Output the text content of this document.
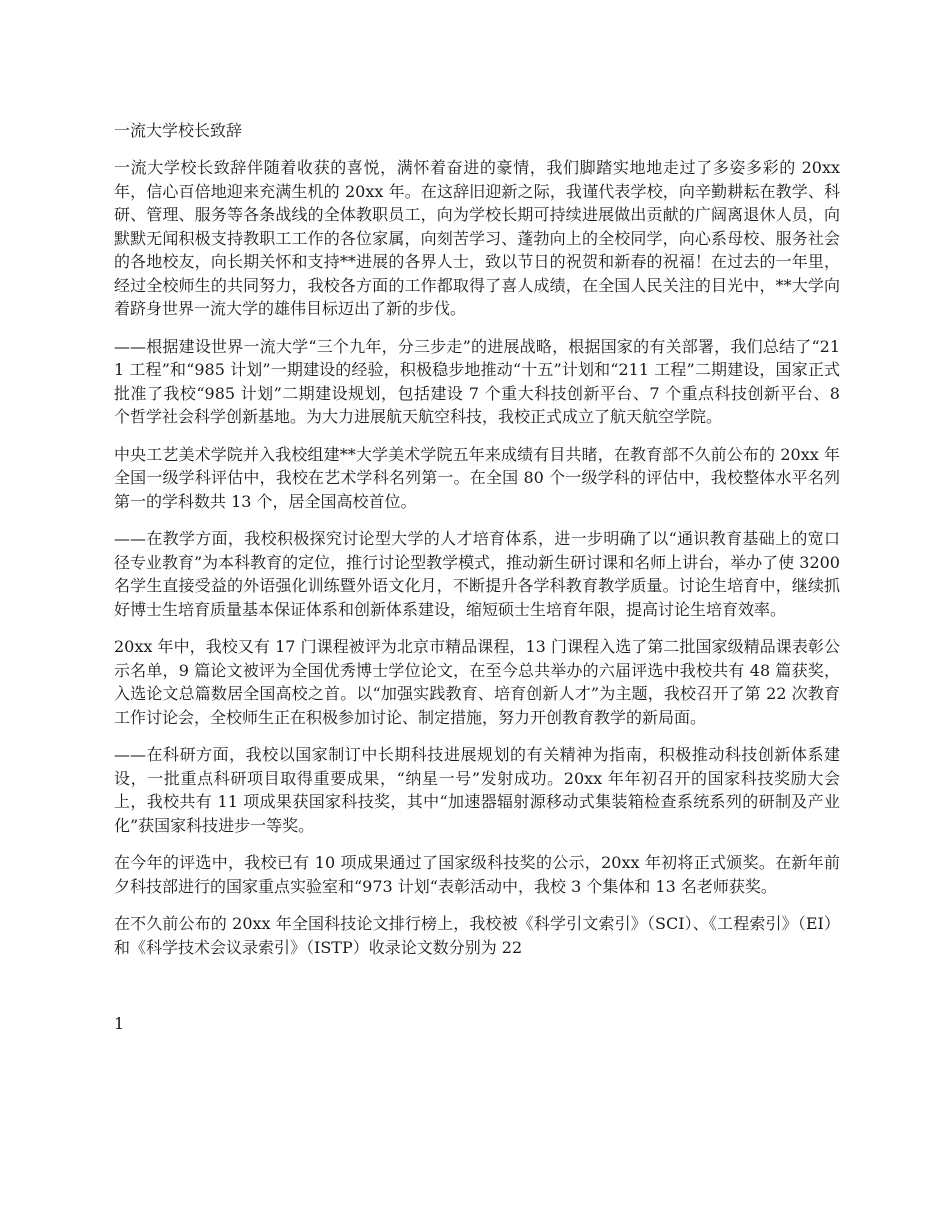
一流大学校长致辞

一流大学校长致辞伴随着收获的喜悦，满怀着奋进的豪情，我们脚踏实地地走过了多姿多彩的 20xx 年，信心百倍地迎来充满生机的 20xx 年。在这辞旧迎新之际，我谨代表学校，向辛勤耕耘在教学、科研、管理、服务等各条战线的全体教职员工，向为学校长期可持续进展做出贡献的广阔离退休人员，向默默无闻积极支持教职工工作的各位家属，向刻苦学习、蓬勃向上的全校同学，向心系母校、服务社会的各地校友，向长期关怀和支持**进展的各界人士，致以节日的祝贺和新春的祝福！在过去的一年里，经过全校师生的共同努力，我校各方面的工作都取得了喜人成绩，在全国人民关注的目光中，**大学向着跻身世界一流大学的雄伟目标迈出了新的步伐。

——根据建设世界一流大学“三个九年，分三步走”的进展战略，根据国家的有关部署，我们总结了“211 工程”和“985 计划”一期建设的经验，积极稳步地推动“十五”计划和“211 工程”二期建设，国家正式批准了我校“985 计划”二期建设规划，包括建设 7 个重大科技创新平台、7 个重点科技创新平台、8 个哲学社会科学创新基地。为大力进展航天航空科技，我校正式成立了航天航空学院。

中央工艺美术学院并入我校组建**大学美术学院五年来成绩有目共睹，在教育部不久前公布的 20xx 年全国一级学科评估中，我校在艺术学科名列第一。在全国 80 个一级学科的评估中，我校整体水平名列第一的学科数共 13 个，居全国高校首位。

——在教学方面，我校积极探究讨论型大学的人才培育体系，进一步明确了以“通识教育基础上的宽口径专业教育”为本科教育的定位，推行讨论型教学模式，推动新生研讨课和名师上讲台，举办了使 3200 名学生直接受益的外语强化训练暨外语文化月，不断提升各学科教育教学质量。讨论生培育中，继续抓好博士生培育质量基本保证体系和创新体系建设，缩短硕士生培育年限，提高讨论生培育效率。

20xx 年中，我校又有 17 门课程被评为北京市精品课程，13 门课程入选了第二批国家级精品课表彰公示名单，9 篇论文被评为全国优秀博士学位论文，在至今总共举办的六届评选中我校共有 48 篇获奖，入选论文总篇数居全国高校之首。以“加强实践教育、培育创新人才”为主题，我校召开了第 22 次教育工作讨论会，全校师生正在积极参加讨论、制定措施，努力开创教育教学的新局面。

——在科研方面，我校以国家制订中长期科技进展规划的有关精神为指南，积极推动科技创新体系建设，一批重点科研项目取得重要成果，“纳星一号”发射成功。20xx 年年初召开的国家科技奖励大会上，我校共有 11 项成果获国家科技奖，其中“加速器辐射源移动式集装箱检查系统系列的研制及产业化”获国家科技进步一等奖。

在今年的评选中，我校已有 10 项成果通过了国家级科技奖的公示，20xx 年初将正式颁奖。在新年前夕科技部进行的国家重点实验室和“973 计划“表彰活动中，我校 3 个集体和 13 名老师获奖。

在不久前公布的 20xx 年全国科技论文排行榜上，我校被《科学引文索引》（SCI）、《工程索引》（EI）和《科学技术会议录索引》（ISTP）收录论文数分别为 22

1
